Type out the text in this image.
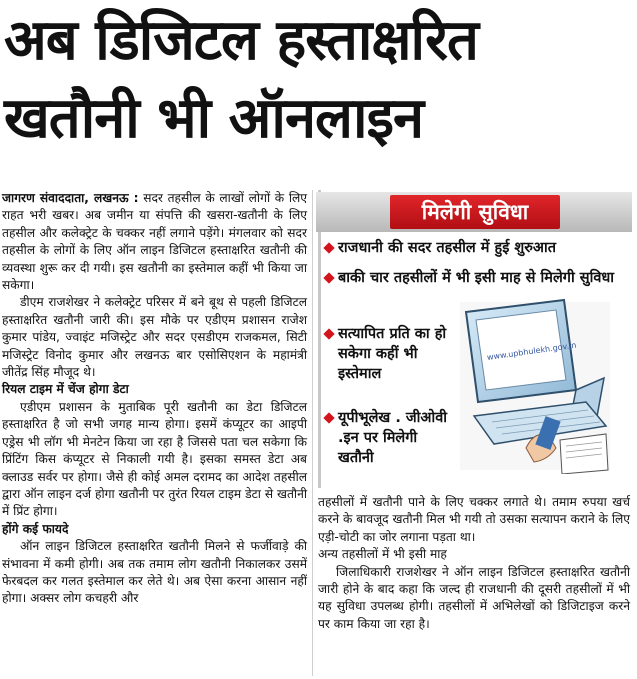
अब डिजिटल हस्ताक्षरित
खतौनी भी ऑनलाइन

जागरण संवाददाता, लखनऊ : सदर तहसील के लाखों लोगों के लिए राहत भरी खबर। अब जमीन या संपत्ति की खसरा-खतौनी के लिए तहसील और कलेक्ट्रेट के चक्कर नहीं लगाने पड़ेंगे। मंगलवार को सदर तहसील के लोगों के लिए ऑन लाइन डिजिटल हस्ताक्षरित खतौनी की व्यवस्था शुरू कर दी गयी। इस खतौनी का इस्तेमाल कहीं भी किया जा सकेगा।

डीएम राजशेखर ने कलेक्ट्रेट परिसर में बने बूथ से पहली डिजिटल हस्ताक्षरित खतौनी जारी की। इस मौके पर एडीएम प्रशासन राजेश कुमार पांडेय, ज्वाइंट मजिस्ट्रेट और सदर एसडीएम राजकमल, सिटी मजिस्ट्रेट विनोद कुमार और लखनऊ बार एसोसिएशन के महामंत्री जीतेंद्र सिंह मौजूद थे।

रियल टाइम में चेंज होगा डेटा

एडीएम प्रशासन के मुताबिक पूरी खतौनी का डेटा डिजिटल हस्ताक्षरित है जो सभी जगह मान्य होगा। इसमें कंप्यूटर का आइपी एड्रेस भी लॉग भी मेनटेन किया जा रहा है जिससे पता चल सकेगा कि प्रिंटिंग किस कंप्यूटर से निकाली गयी है। इसका समस्त डेटा अब क्लाउड सर्वर पर होगा। जैसे ही कोई अमल दरामद का आदेश तहसील द्वारा ऑन लाइन दर्ज होगा खतौनी पर तुरंत रियल टाइम डेटा से खतौनी में प्रिंट होगा।

होंगे कई फायदे

ऑन लाइन डिजिटल हस्ताक्षरित खतौनी मिलने से फर्जीवाड़े की संभावना में कमी होगी। अब तक तमाम लोग खतौनी निकालकर उसमें फेरबदल कर गलत इस्तेमाल कर लेते थे। अब ऐसा करना आसान नहीं होगा। अक्सर लोग कचहरी और

मिलेगी सुविधा
राजधानी की सदर तहसील में हुई शुरुआत
बाकी चार तहसीलों में भी इसी माह से मिलेगी सुविधा
सत्यापित प्रति का हो सकेगा कहीं भी इस्तेमाल
यूपीभूलेख . जीओवी .इन पर मिलेगी खतौनी
www.upbhulekh.gov.in

तहसीलों में खतौनी पाने के लिए चक्कर लगाते थे। तमाम रुपया खर्च करने के बावजूद खतौनी मिल भी गयी तो उसका सत्यापन कराने के लिए एड़ी-चोटी का जोर लगाना पड़ता था।

अन्य तहसीलों में भी इसी माह

जिलाधिकारी राजशेखर ने ऑन लाइन डिजिटल हस्ताक्षरित खतौनी जारी होने के बाद कहा कि जल्द ही राजधानी की दूसरी तहसीलों में भी यह सुविधा उपलब्ध होगी। तहसीलों में अभिलेखों को डिजिटाइज करने पर काम किया जा रहा है।
